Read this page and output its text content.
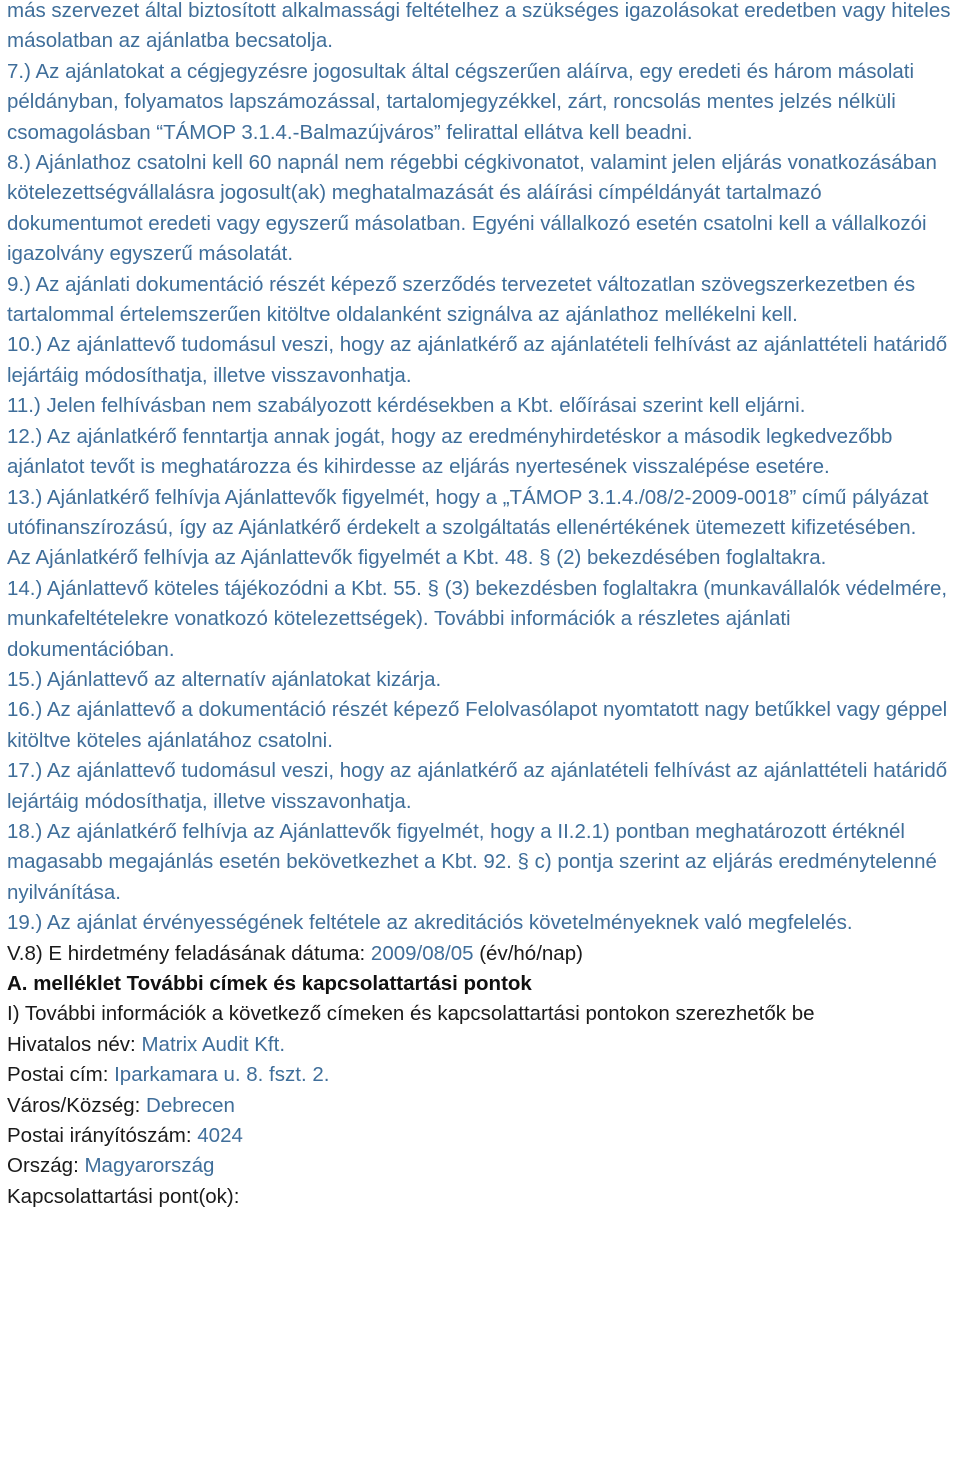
más szervezet által biztosított alkalmassági feltételhez a szükséges igazolásokat eredetben vagy hiteles másolatban az ajánlatba becsatolja.

7.) Az ajánlatokat a cégjegyzésre jogosultak által cégszerűen aláírva, egy eredeti és három másolati példányban, folyamatos lapszámozással, tartalomjegyzékkel, zárt, roncsolás mentes jelzés nélküli csomagolásban “TÁMOP 3.1.4.-Balmazújváros” felirattal ellátva kell beadni.

8.) Ajánlathoz csatolni kell 60 napnál nem régebbi cégkivonatot, valamint jelen eljárás vonatkozásában kötelezettségvállalásra jogosult(ak) meghatalmazását és aláírási címpéldányát tartalmazó dokumentumot eredeti vagy egyszerű másolatban. Egyéni vállalkozó esetén csatolni kell a vállalkozói igazolvány egyszerű másolatát.

9.) Az ajánlati dokumentáció részét képező szerződés tervezetet változatlan szövegszerkezetben és tartalommal értelemszerűen kitöltve oldalanként szignálva az ajánlathoz mellékelni kell.

10.) Az ajánlattevő tudomásul veszi, hogy az ajánlatkérő az ajánlatételi felhívást az ajánlattételi határidő lejártáig módosíthatja, illetve visszavonhatja.

11.) Jelen felhívásban nem szabályozott kérdésekben a Kbt. előírásai szerint kell eljárni.

12.) Az ajánlatkérő fenntartja annak jogát, hogy az eredményhirdetéskor a második legkedvezőbb ajánlatot tevőt is meghatározza és kihirdesse az eljárás nyertesének visszalépése esetére.

13.) Ajánlatkérő felhívja Ajánlattevők figyelmét, hogy a „TÁMOP 3.1.4./08/2-2009-0018” című pályázat utófinanszírozású, így az Ajánlatkérő érdekelt a szolgáltatás ellenértékének ütemezett kifizetésében.

Az Ajánlatkérő felhívja az Ajánlattevők figyelmét a Kbt. 48. § (2) bekezdésében foglaltakra.

14.) Ajánlattevő köteles tájékozódni a Kbt. 55. § (3) bekezdésben foglaltakra (munkavállalók védelmére, munkafeltételekre vonatkozó kötelezettségek). További információk a részletes ajánlati dokumentációban.

15.) Ajánlattevő az alternatív ajánlatokat kizárja.

16.) Az ajánlattevő a dokumentáció részét képező Felolvasólapot nyomtatott nagy betűkkel vagy géppel kitöltve köteles ajánlatához csatolni.

17.) Az ajánlattevő tudomásul veszi, hogy az ajánlatkérő az ajánlatételi felhívást az ajánlattételi határidő lejártáig módosíthatja, illetve visszavonhatja.

18.) Az ajánlatkérő felhívja az Ajánlattevők figyelmét, hogy a II.2.1) pontban meghatározott értéknél magasabb megajánlás esetén bekövetkezhet a Kbt. 92. § c) pontja szerint az eljárás eredménytelenné nyilvánítása.

19.) Az ajánlat érvényességének feltétele az akreditációs követelményeknek való megfelelés.

V.8) E hirdetmény feladásának dátuma: 2009/08/05 (év/hó/nap)

A. melléklet További címek és kapcsolattartási pontok

I) További információk a következő címeken és kapcsolattartási pontokon szerezhetők be

Hivatalos név: Matrix Audit Kft.

Postai cím: Iparkamara u. 8. fszt. 2.

Város/Község: Debrecen

Postai irányítószám: 4024

Ország: Magyarország

Kapcsolattartási pont(ok):
